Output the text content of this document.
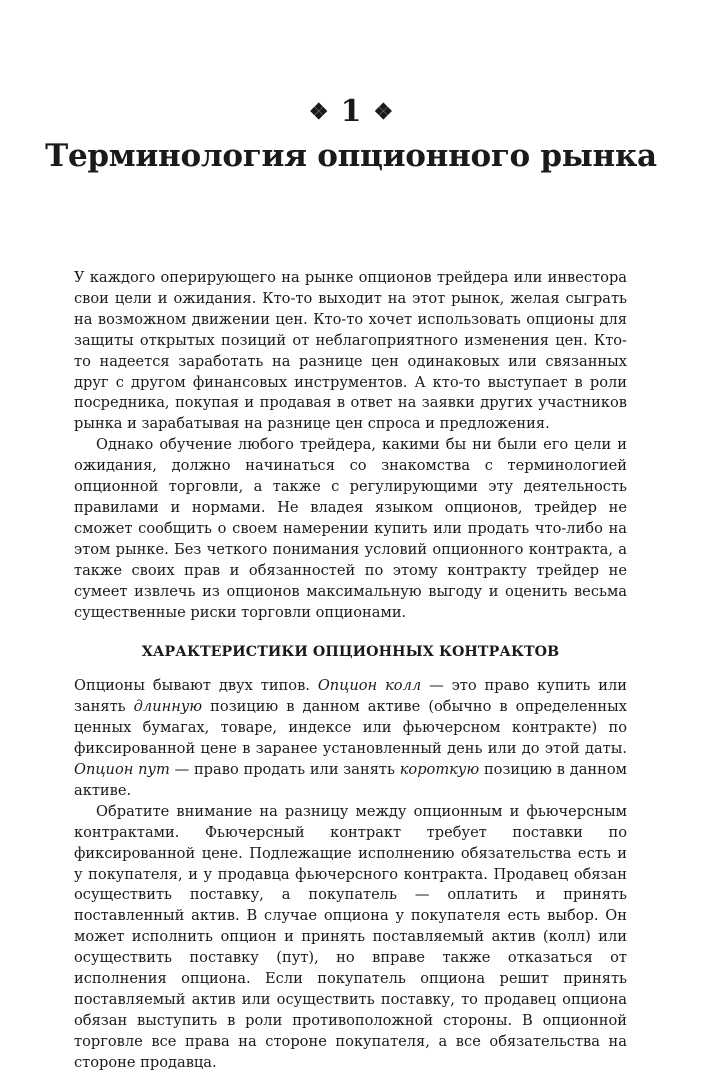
❖ 1 ❖
Терминология опционного рынка

У каждого оперирующего на рынке опционов трейдера или инвестора свои цели и ожидания. Кто-то выходит на этот рынок, желая сыграть на возможном движении цен. Кто-то хочет использовать опционы для защиты открытых позиций от неблагоприятного изменения цен. Кто-то надеется заработать на разнице цен одинаковых или связанных друг с другом финансовых инструментов. А кто-то выступает в роли посредника, покупая и продавая в ответ на заявки других участников рынка и зарабатывая на разнице цен спроса и предложения.

Однако обучение любого трейдера, какими бы ни были его цели и ожидания, должно начинаться со знакомства с терминологией опционной торговли, а также с регулирующими эту деятельность правилами и нормами. Не владея языком опционов, трейдер не сможет сообщить о своем намерении купить или продать что-либо на этом рынке. Без четкого понимания условий опционного контракта, а также своих прав и обязанностей по этому контракту трейдер не сумеет извлечь из опционов максимальную выгоду и оценить весьма существенные риски торговли опционами.

ХАРАКТЕРИСТИКИ ОПЦИОННЫХ КОНТРАКТОВ

Опционы бывают двух типов. Опцион колл — это право купить или занять длинную позицию в данном активе (обычно в определенных ценных бумагах, товаре, индексе или фьючерсном контракте) по фиксированной цене в заранее установленный день или до этой даты. Опцион пут — право продать или занять короткую позицию в данном активе.

Обратите внимание на разницу между опционным и фьючерсным контрактами. Фьючерсный контракт требует поставки по фиксированной цене. Подлежащие исполнению обязательства есть и у покупателя, и у продавца фьючерсного контракта. Продавец обязан осуществить поставку, а покупатель — оплатить и принять поставленный актив. В случае опциона у покупателя есть выбор. Он может исполнить опцион и принять поставляемый актив (колл) или осуществить поставку (пут), но вправе также отказаться от исполнения опциона. Если покупатель опциона решит принять поставляемый актив или осуществить поставку, то продавец опциона обязан выступить в роли противоположной стороны. В опционной торговле все права на стороне покупателя, а все обязательства на стороне продавца.
